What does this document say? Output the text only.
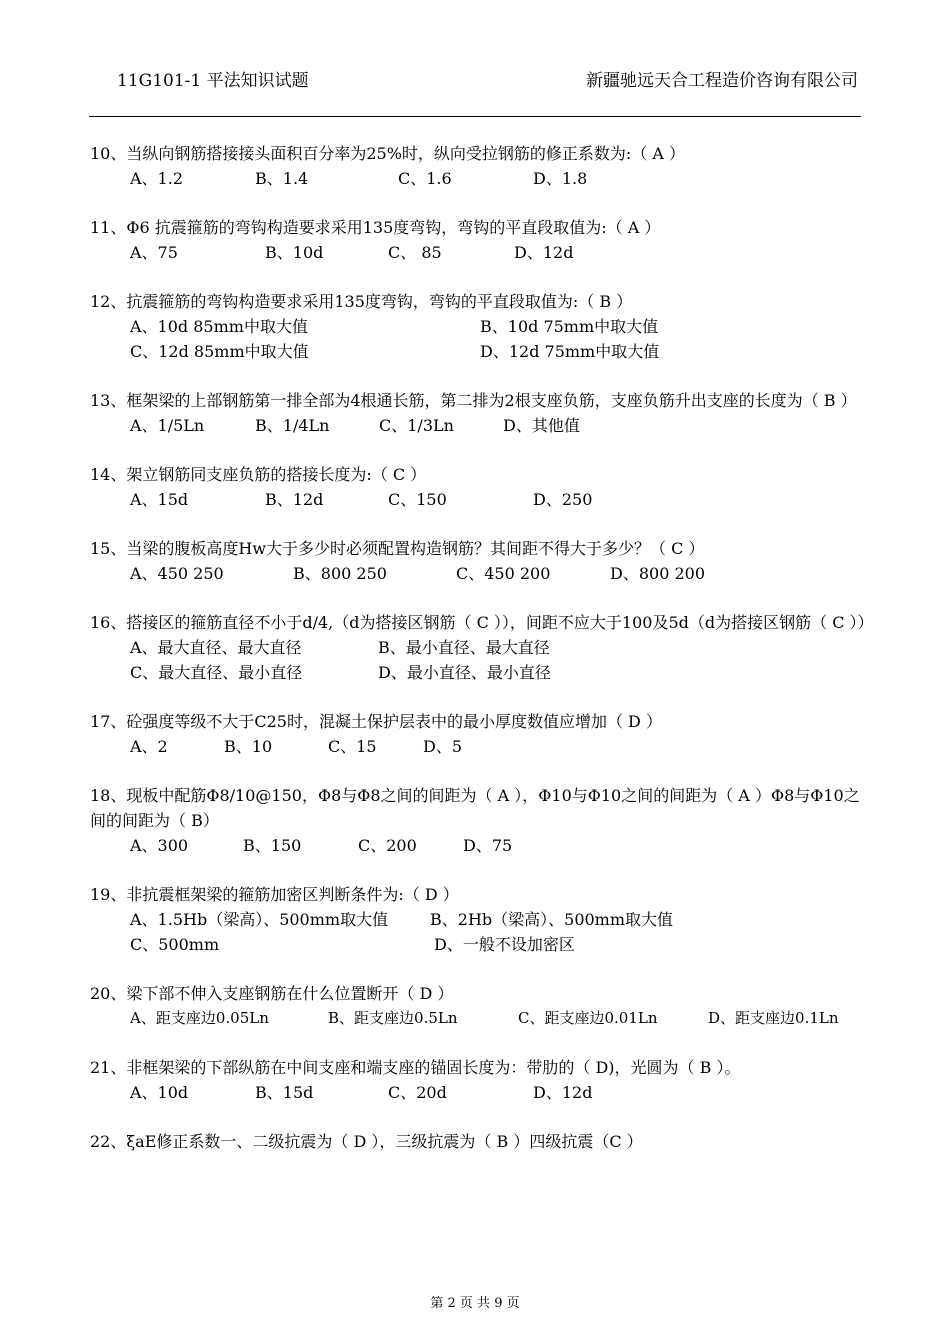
11G101-1 平法知识试题	新疆驰远天合工程造价咨询有限公司
10、当纵向钢筋搭接接头面积百分率为25%时，纵向受拉钢筋的修正系数为:（ A ）
A、1.2	B、1.4	C、1.6	D、1.8
11、Φ6 抗震箍筋的弯钩构造要求采用135度弯钩，弯钩的平直段取值为:（ A ）
A、75	B、10d	C、 85	D、12d
12、抗震箍筋的弯钩构造要求采用135度弯钩，弯钩的平直段取值为:（ B ）
A、10d 85mm中取大值	B、10d 75mm中取大值
C、12d 85mm中取大值	D、12d 75mm中取大值
13、框架梁的上部钢筋第一排全部为4根通长筋，第二排为2根支座负筋，支座负筋升出支座的长度为（ B ）
A、1/5Ln	B、1/4Ln	C、1/3Ln	D、其他值
14、架立钢筋同支座负筋的搭接长度为:（ C ）
A、15d	B、12d	C、150	D、250
15、当梁的腹板高度Hw大于多少时必须配置构造钢筋？其间距不得大于多少？（ C ）
A、450 250	B、800 250	C、450 200	D、800 200
16、搭接区的箍筋直径不小于d/4,（d为搭接区钢筋（ C ）），间距不应大于100及5d（d为搭接区钢筋（ C ））
A、最大直径、最大直径	B、最小直径、最大直径
C、最大直径、最小直径	D、最小直径、最小直径
17、砼强度等级不大于C25时，混凝土保护层表中的最小厚度数值应增加（ D ）
A、2	B、10	C、15	D、5
18、现板中配筋Φ8/10@150，Φ8与Φ8之间的间距为（ A ），Φ10与Φ10之间的间距为（ A ）Φ8与Φ10之间的间距为（ B）
A、300	B、150	C、200	D、75
19、非抗震框架梁的箍筋加密区判断条件为:（ D ）
A、1.5Hb（梁高）、500mm取大值	B、2Hb（梁高）、500mm取大值
C、500mm	D、一般不设加密区
20、梁下部不伸入支座钢筋在什么位置断开（ D ）
A、距支座边0.05Ln	B、距支座边0.5Ln	C、距支座边0.01Ln	D、距支座边0.1Ln
21、非框架梁的下部纵筋在中间支座和端支座的锚固长度为：带肋的（ D)，光圆为（ B ）。
A、10d	B、15d	C、20d	D、12d
22、ξaE修正系数一、二级抗震为（ D ），三级抗震为（ B ）四级抗震（C ）
第 2 页 共 9 页
